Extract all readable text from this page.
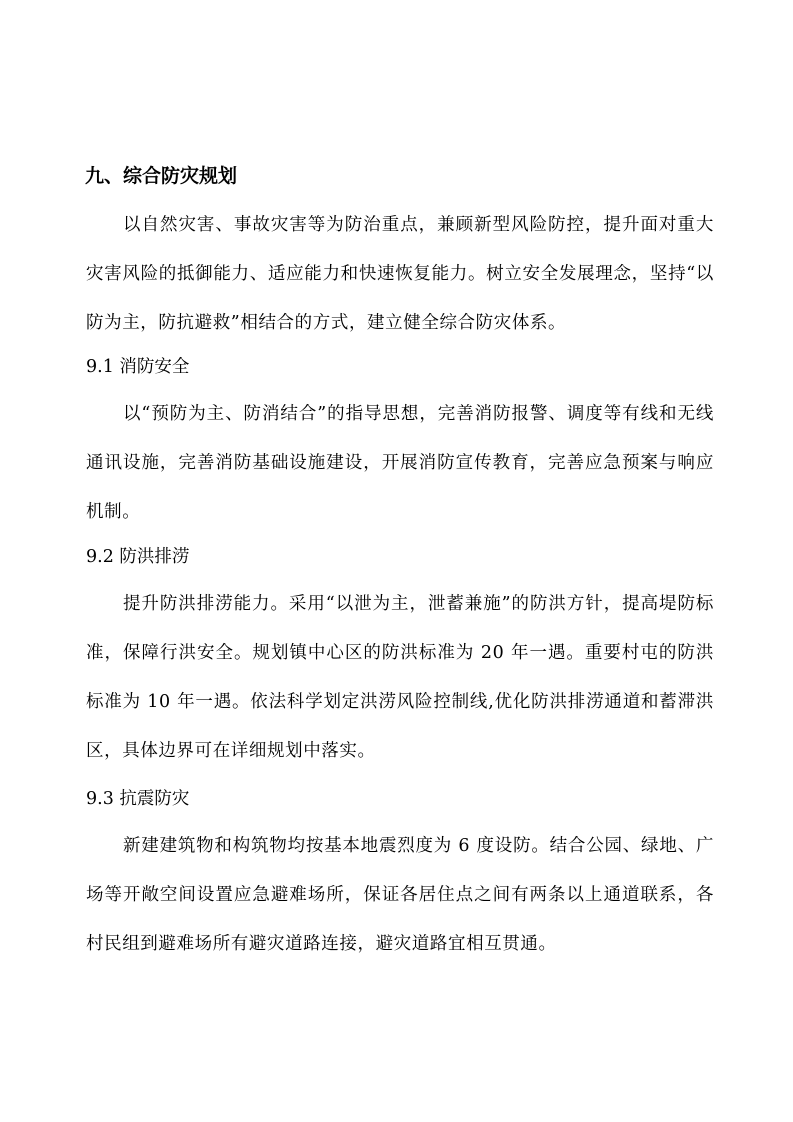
九、综合防灾规划

以自然灾害、事故灾害等为防治重点，兼顾新型风险防控，提升面对重大灾害风险的抵御能力、适应能力和快速恢复能力。树立安全发展理念，坚持“以防为主，防抗避救”相结合的方式，建立健全综合防灾体系。

9.1 消防安全

以“预防为主、防消结合”的指导思想，完善消防报警、调度等有线和无线通讯设施，完善消防基础设施建设，开展消防宣传教育，完善应急预案与响应机制。

9.2 防洪排涝

提升防洪排涝能力。采用“以泄为主，泄蓄兼施”的防洪方针，提高堤防标准，保障行洪安全。规划镇中心区的防洪标准为 20 年一遇。重要村屯的防洪标准为 10 年一遇。依法科学划定洪涝风险控制线,优化防洪排涝通道和蓄滞洪区，具体边界可在详细规划中落实。

9.3 抗震防灾

新建建筑物和构筑物均按基本地震烈度为 6 度设防。结合公园、绿地、广场等开敞空间设置应急避难场所，保证各居住点之间有两条以上通道联系，各村民组到避难场所有避灾道路连接，避灾道路宜相互贯通。
